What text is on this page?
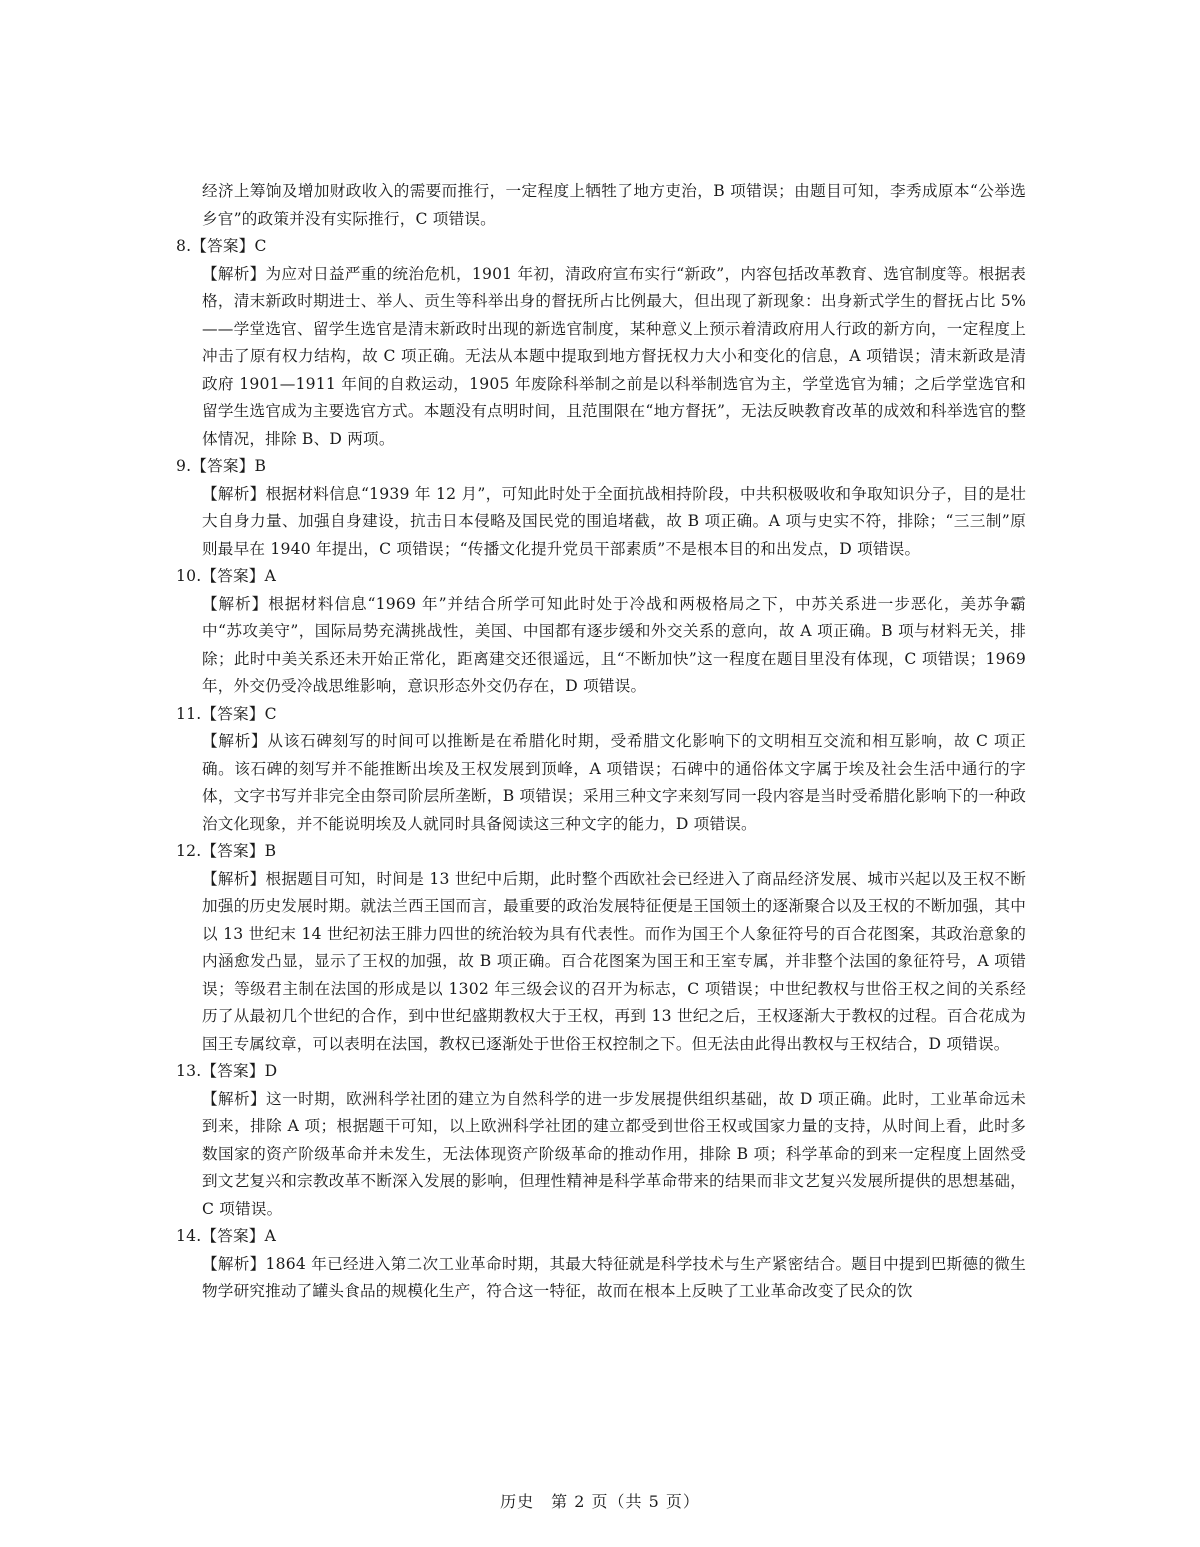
经济上筹饷及增加财政收入的需要而推行，一定程度上牺牲了地方吏治，B 项错误；由题目可知，李秀成原本“公举选乡官”的政策并没有实际推行，C 项错误。

8.【答案】C

【解析】为应对日益严重的统治危机，1901 年初，清政府宣布实行“新政”，内容包括改革教育、选官制度等。根据表格，清末新政时期进士、举人、贡生等科举出身的督抚所占比例最大，但出现了新现象：出身新式学生的督抚占比 5%——学堂选官、留学生选官是清末新政时出现的新选官制度，某种意义上预示着清政府用人行政的新方向，一定程度上冲击了原有权力结构，故 C 项正确。无法从本题中提取到地方督抚权力大小和变化的信息，A 项错误；清末新政是清政府 1901—1911 年间的自救运动，1905 年废除科举制之前是以科举制选官为主，学堂选官为辅；之后学堂选官和留学生选官成为主要选官方式。本题没有点明时间，且范围限在“地方督抚”，无法反映教育改革的成效和科举选官的整体情况，排除 B、D 两项。

9.【答案】B

【解析】根据材料信息“1939 年 12 月”，可知此时处于全面抗战相持阶段，中共积极吸收和争取知识分子，目的是壮大自身力量、加强自身建设，抗击日本侵略及国民党的围追堵截，故 B 项正确。A 项与史实不符，排除；“三三制”原则最早在 1940 年提出，C 项错误；“传播文化提升党员干部素质”不是根本目的和出发点，D 项错误。

10.【答案】A

【解析】根据材料信息“1969 年”并结合所学可知此时处于冷战和两极格局之下，中苏关系进一步恶化，美苏争霸中“苏攻美守”，国际局势充满挑战性，美国、中国都有逐步缓和外交关系的意向，故 A 项正确。B 项与材料无关，排除；此时中美关系还未开始正常化，距离建交还很遥远，且“不断加快”这一程度在题目里没有体现，C 项错误；1969 年，外交仍受冷战思维影响，意识形态外交仍存在，D 项错误。

11.【答案】C

【解析】从该石碑刻写的时间可以推断是在希腊化时期，受希腊文化影响下的文明相互交流和相互影响，故 C 项正确。该石碑的刻写并不能推断出埃及王权发展到顶峰，A 项错误；石碑中的通俗体文字属于埃及社会生活中通行的字体，文字书写并非完全由祭司阶层所垄断，B 项错误；采用三种文字来刻写同一段内容是当时受希腊化影响下的一种政治文化现象，并不能说明埃及人就同时具备阅读这三种文字的能力，D 项错误。

12.【答案】B

【解析】根据题目可知，时间是 13 世纪中后期，此时整个西欧社会已经进入了商品经济发展、城市兴起以及王权不断加强的历史发展时期。就法兰西王国而言，最重要的政治发展特征便是王国领土的逐渐聚合以及王权的不断加强，其中以 13 世纪末 14 世纪初法王腓力四世的统治较为具有代表性。而作为国王个人象征符号的百合花图案，其政治意象的内涵愈发凸显，显示了王权的加强，故 B 项正确。百合花图案为国王和王室专属，并非整个法国的象征符号，A 项错误；等级君主制在法国的形成是以 1302 年三级会议的召开为标志，C 项错误；中世纪教权与世俗王权之间的关系经历了从最初几个世纪的合作，到中世纪盛期教权大于王权，再到 13 世纪之后，王权逐渐大于教权的过程。百合花成为国王专属纹章，可以表明在法国，教权已逐渐处于世俗王权控制之下。但无法由此得出教权与王权结合，D 项错误。

13.【答案】D

【解析】这一时期，欧洲科学社团的建立为自然科学的进一步发展提供组织基础，故 D 项正确。此时，工业革命远未到来，排除 A 项；根据题干可知，以上欧洲科学社团的建立都受到世俗王权或国家力量的支持，从时间上看，此时多数国家的资产阶级革命并未发生，无法体现资产阶级革命的推动作用，排除 B 项；科学革命的到来一定程度上固然受到文艺复兴和宗教改革不断深入发展的影响，但理性精神是科学革命带来的结果而非文艺复兴发展所提供的思想基础，C 项错误。

14.【答案】A

【解析】1864 年已经进入第二次工业革命时期，其最大特征就是科学技术与生产紧密结合。题目中提到巴斯德的微生物学研究推动了罐头食品的规模化生产，符合这一特征，故而在根本上反映了工业革命改变了民众的饮

历史　第 2 页（共 5 页）
